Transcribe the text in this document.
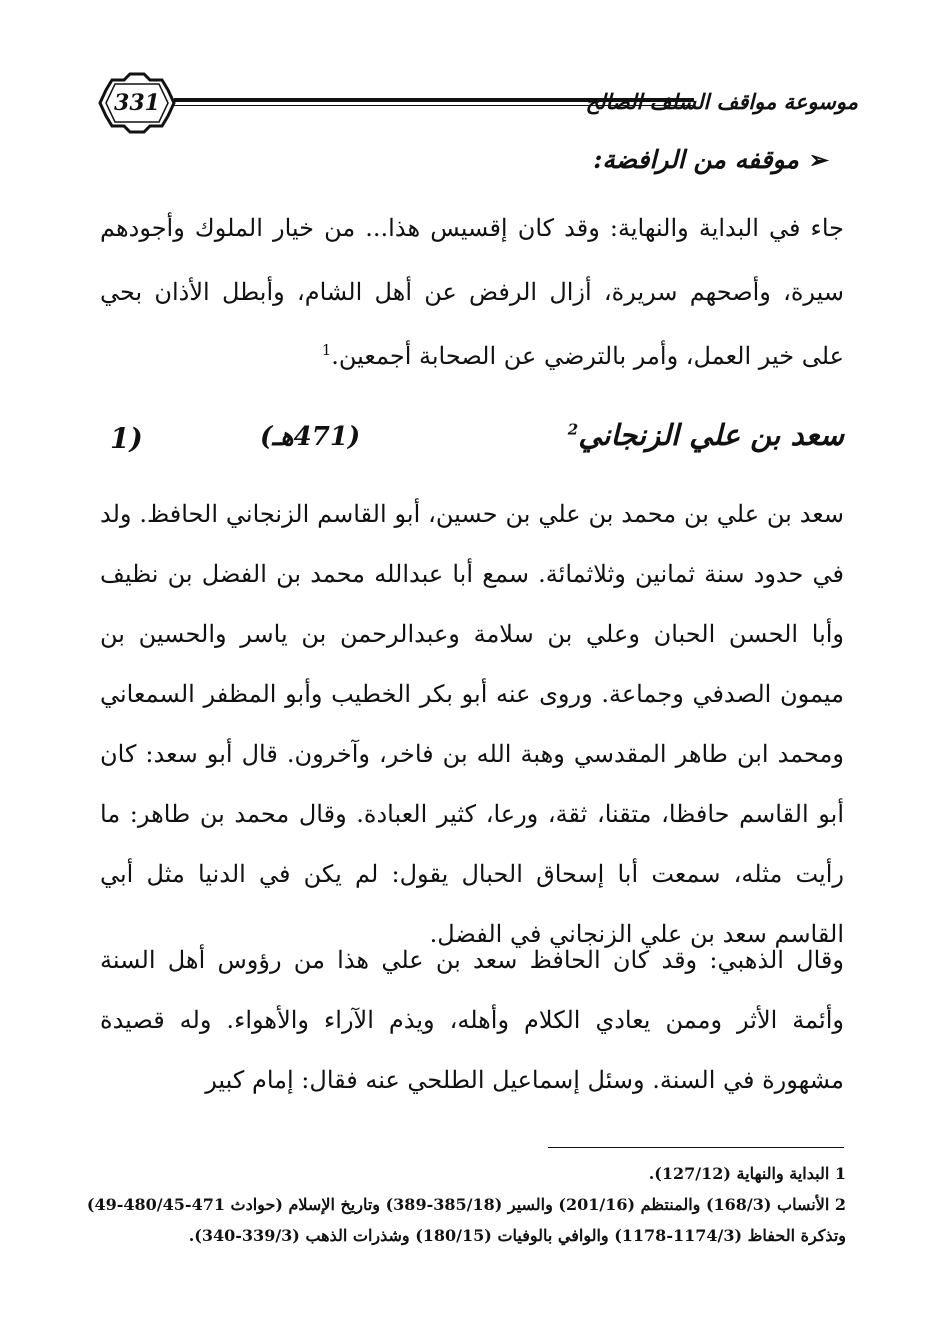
331	موسوعة مواقف السلف الصالح
➢موقفه من الرافضة:
جاء في البداية والنهاية: وقد كان إقسيس هذا... من خيار الملوك وأجودهم سيرة، وأصحهم سريرة، أزال الرفض عن أهل الشام، وأبطل الأذان بحي على خير العمل، وأمر بالترضي عن الصحابة أجمعين.$^1$
سعد بن علي الزنجاني$^2$
(471هـ)
1)
سعد بن علي بن محمد بن علي بن حسين، أبو القاسم الزنجاني الحافظ. ولد في حدود سنة ثمانين وثلاثمائة. سمع أبا عبدالله محمد بن الفضل بن نظيف وأبا الحسن الحبان وعلي بن سلامة وعبدالرحمن بن ياسر والحسين بن ميمون الصدفي وجماعة. وروى عنه أبو بكر الخطيب وأبو المظفر السمعاني ومحمد ابن طاهر المقدسي وهبة الله بن فاخر، وآخرون. قال أبو سعد: كان أبو القاسم حافظا، متقنا، ثقة، ورعا، كثير العبادة. وقال محمد بن طاهر: ما رأيت مثله، سمعت أبا إسحاق الحبال يقول: لم يكن في الدنيا مثل أبي القاسم سعد بن علي الزنجاني في الفضل.
وقال الذهبي: وقد كان الحافظ سعد بن علي هذا من رؤوس أهل السنة وأئمة الأثر وممن يعادي الكلام وأهله، ويذم الآراء والأهواء. وله قصيدة مشهورة في السنة. وسئل إسماعيل الطلحي عنه فقال: إمام كبير
1 البداية والنهاية (127/12).
2 الأنساب (168/3) والمنتظم (201/16) والسير (385/18-389) وتاريخ الإسلام (حوادث 471-480/45-49)
وتذكرة الحفاظ (1174/3-1178) والوافي بالوفيات (180/15) وشذرات الذهب (339/3-340).
